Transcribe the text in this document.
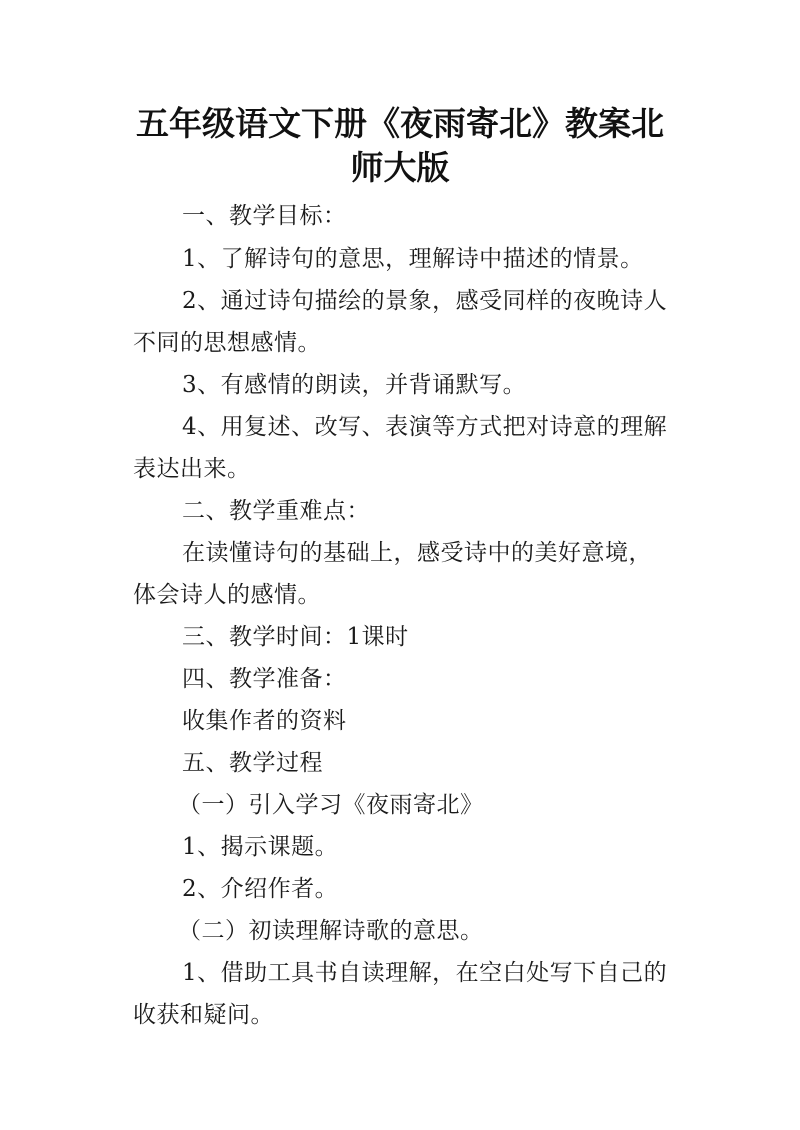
五年级语文下册《夜雨寄北》教案北
师大版
一、教学目标：
1、了解诗句的意思，理解诗中描述的情景。
2、通过诗句描绘的景象，感受同样的夜晚诗人
不同的思想感情。
3、有感情的朗读，并背诵默写。
4、用复述、改写、表演等方式把对诗意的理解
表达出来。
二、教学重难点：
在读懂诗句的基础上，感受诗中的美好意境，
体会诗人的感情。
三、教学时间：1课时
四、教学准备：
收集作者的资料
五、教学过程
（一）引入学习《夜雨寄北》
1、揭示课题。
2、介绍作者。
（二）初读理解诗歌的意思。
1、借助工具书自读理解，在空白处写下自己的
收获和疑问。
